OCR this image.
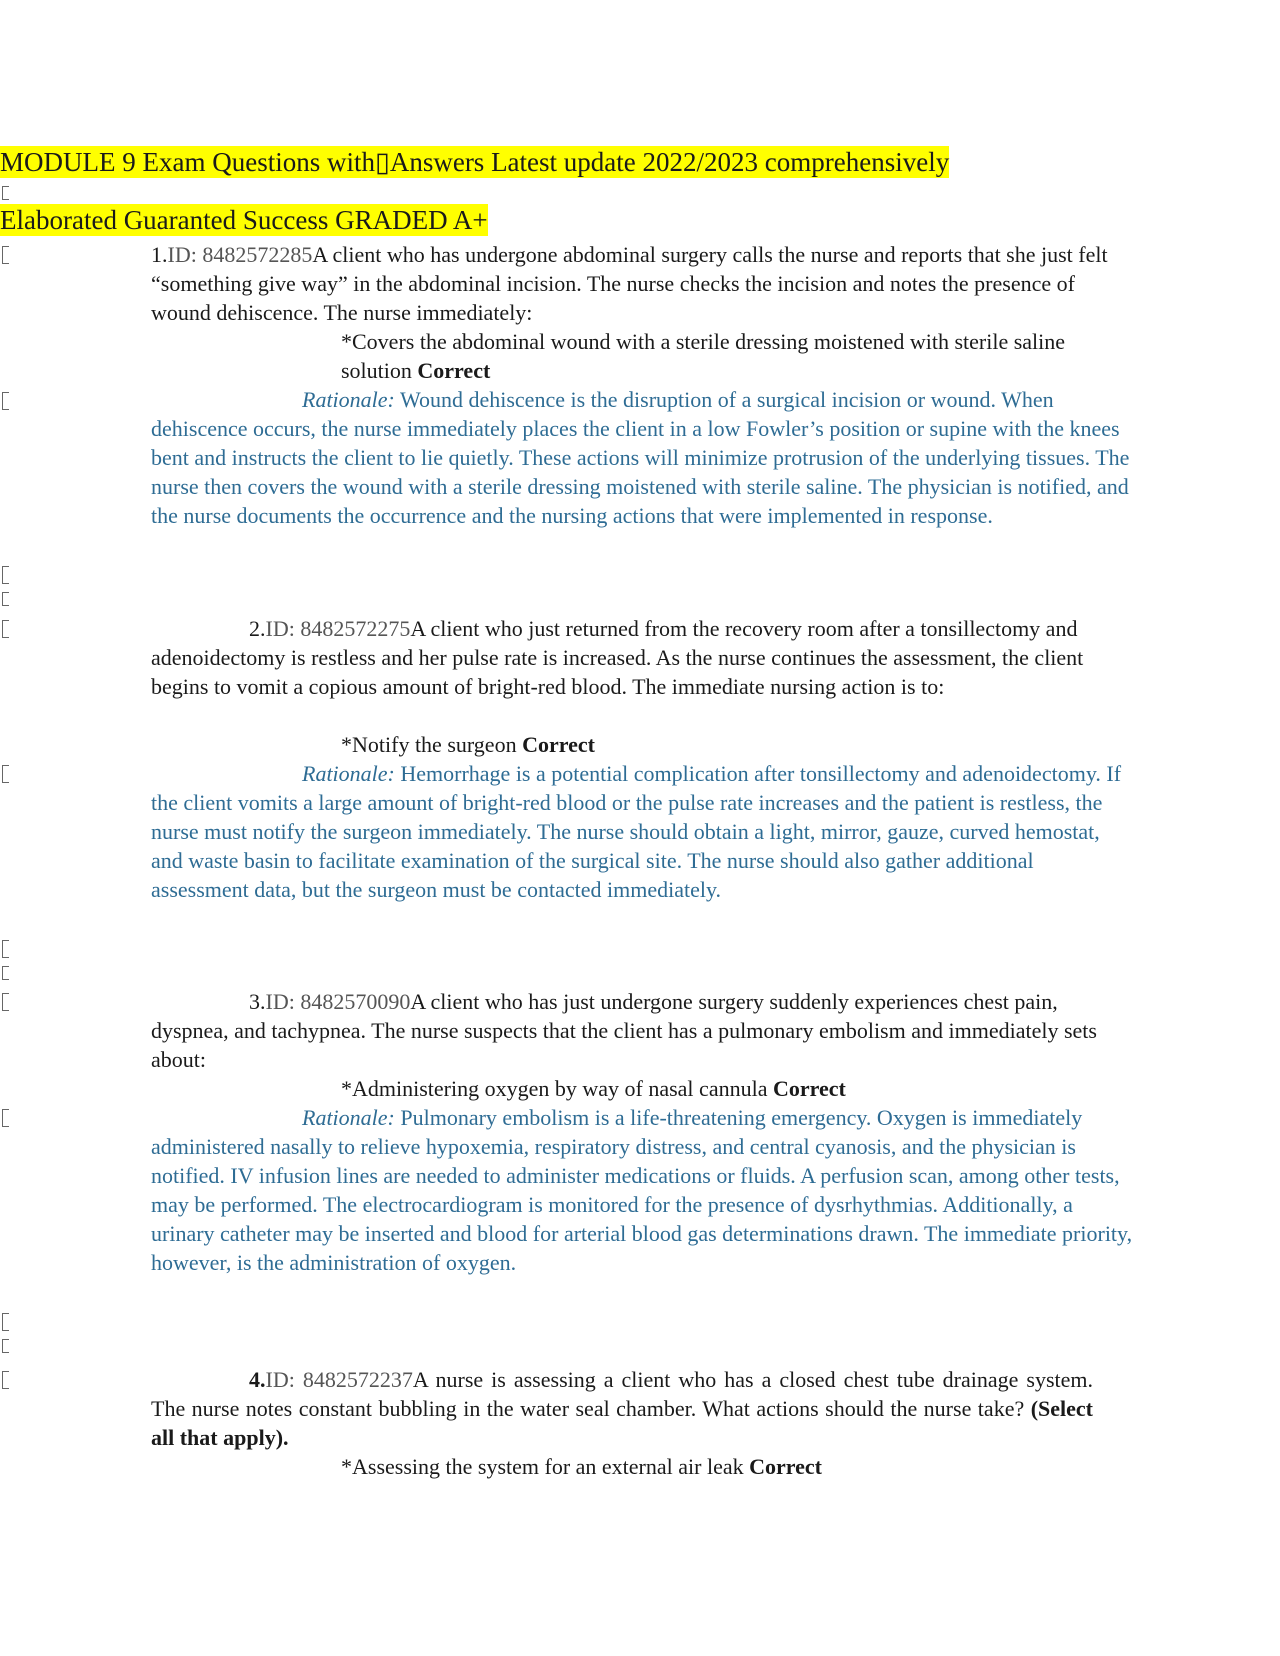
MODULE 9 Exam Questions with▯Answers Latest update 2022/2023 comprehensively
Elaborated Guaranted Success GRADED A+
1.ID: 8482572285A client who has undergone abdominal surgery calls the nurse and reports that she just felt “something give way” in the abdominal incision. The nurse checks the incision and notes the presence of wound dehiscence. The nurse immediately:
*Covers the abdominal wound with a sterile dressing moistened with sterile saline solution Correct
Rationale: Wound dehiscence is the disruption of a surgical incision or wound. When dehiscence occurs, the nurse immediately places the client in a low Fowler’s position or supine with the knees bent and instructs the client to lie quietly. These actions will minimize protrusion of the underlying tissues. The nurse then covers the wound with a sterile dressing moistened with sterile saline. The physician is notified, and the nurse documents the occurrence and the nursing actions that were implemented in response.
2.ID: 8482572275A client who just returned from the recovery room after a tonsillectomy and adenoidectomy is restless and her pulse rate is increased. As the nurse continues the assessment, the client begins to vomit a copious amount of bright-red blood. The immediate nursing action is to:
*Notify the surgeon Correct
Rationale: Hemorrhage is a potential complication after tonsillectomy and adenoidectomy. If the client vomits a large amount of bright-red blood or the pulse rate increases and the patient is restless, the nurse must notify the surgeon immediately. The nurse should obtain a light, mirror, gauze, curved hemostat, and waste basin to facilitate examination of the surgical site. The nurse should also gather additional assessment data, but the surgeon must be contacted immediately.
3.ID: 8482570090A client who has just undergone surgery suddenly experiences chest pain, dyspnea, and tachypnea. The nurse suspects that the client has a pulmonary embolism and immediately sets about:
*Administering oxygen by way of nasal cannula Correct
Rationale: Pulmonary embolism is a life-threatening emergency. Oxygen is immediately administered nasally to relieve hypoxemia, respiratory distress, and central cyanosis, and the physician is notified. IV infusion lines are needed to administer medications or fluids. A perfusion scan, among other tests, may be performed. The electrocardiogram is monitored for the presence of dysrhythmias. Additionally, a urinary catheter may be inserted and blood for arterial blood gas determinations drawn. The immediate priority, however, is the administration of oxygen.
4.ID: 8482572237A nurse is assessing a client who has a closed chest tube drainage system. The nurse notes constant bubbling in the water seal chamber. What actions should the nurse take? (Select all that apply).
*Assessing the system for an external air leak Correct
